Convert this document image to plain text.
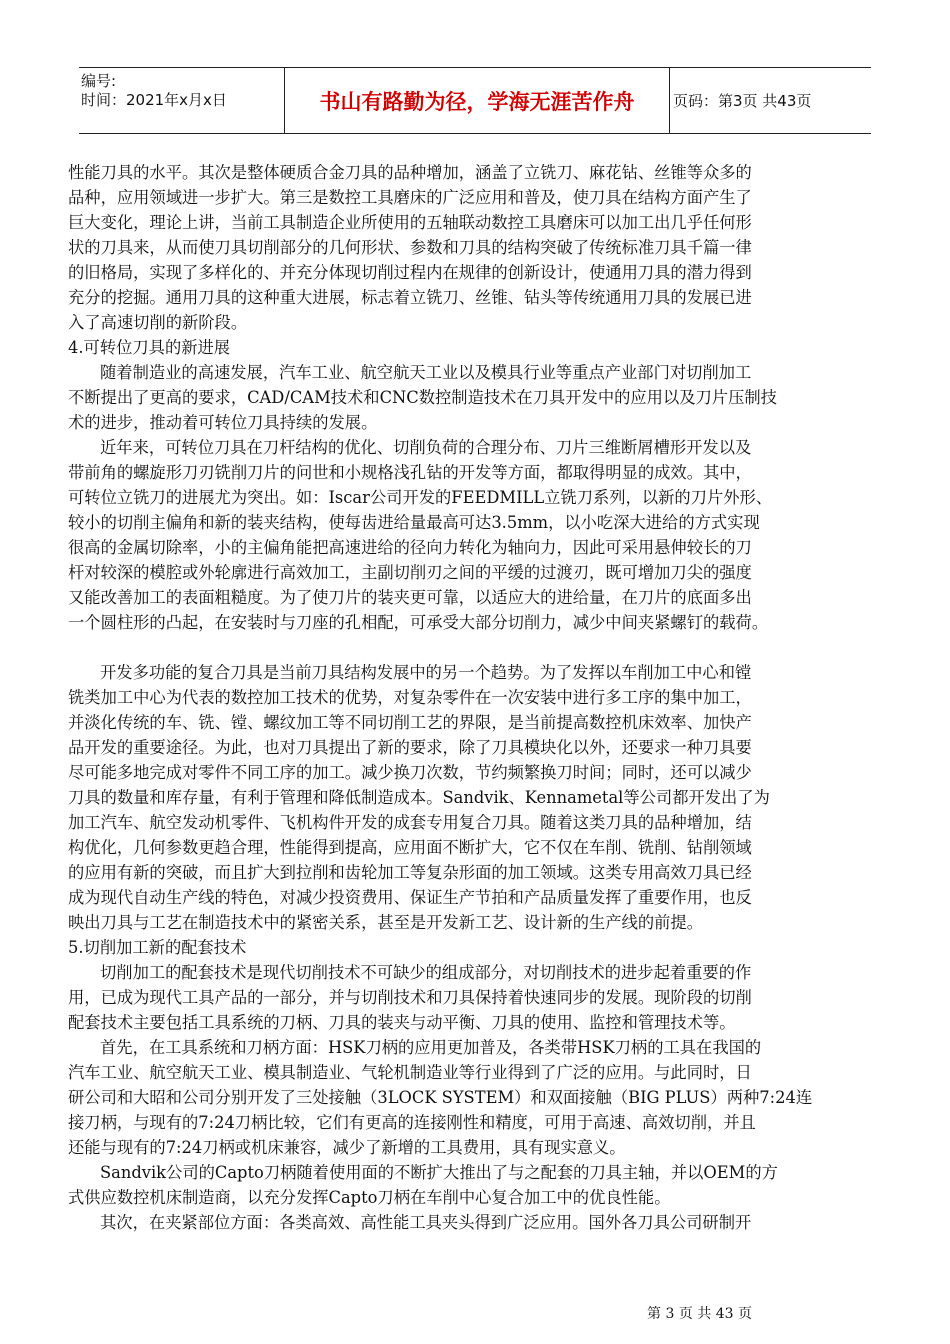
编号:
时间：2021年x月x日	书山有路勤为径，学海无涯苦作舟	页码：第3页 共43页
性能刀具的水平。其次是整体硬质合金刀具的品种增加，涵盖了立铣刀、麻花钻、丝锥等众多的
品种，应用领域进一步扩大。第三是数控工具磨床的广泛应用和普及，使刀具在结构方面产生了
巨大变化，理论上讲，当前工具制造企业所使用的五轴联动数控工具磨床可以加工出几乎任何形
状的刀具来，从而使刀具切削部分的几何形状、参数和刀具的结构突破了传统标准刀具千篇一律
的旧格局，实现了多样化的、并充分体现切削过程内在规律的创新设计，使通用刀具的潜力得到
充分的挖掘。通用刀具的这种重大进展，标志着立铣刀、丝锥、钻头等传统通用刀具的发展已进
入了高速切削的新阶段。
4.可转位刀具的新进展
随着制造业的高速发展，汽车工业、航空航天工业以及模具行业等重点产业部门对切削加工
不断提出了更高的要求，CAD/CAM技术和CNC数控制造技术在刀具开发中的应用以及刀片压制技
术的进步，推动着可转位刀具持续的发展。
近年来，可转位刀具在刀杆结构的优化、切削负荷的合理分布、刀片三维断屑槽形开发以及
带前角的螺旋形刀刃铣削刀片的问世和小规格浅孔钻的开发等方面，都取得明显的成效。其中，
可转位立铣刀的进展尤为突出。如：Iscar公司开发的FEEDMILL立铣刀系列，以新的刀片外形、
较小的切削主偏角和新的装夹结构，使每齿进给量最高可达3.5mm，以小吃深大进给的方式实现
很高的金属切除率，小的主偏角能把高速进给的径向力转化为轴向力，因此可采用悬伸较长的刀
杆对较深的模腔或外轮廓进行高效加工，主副切削刃之间的平缓的过渡刃，既可增加刀尖的强度
又能改善加工的表面粗糙度。为了使刀片的装夹更可靠，以适应大的进给量，在刀片的底面多出
一个圆柱形的凸起，在安装时与刀座的孔相配，可承受大部分切削力，减少中间夹紧螺钉的载荷。
开发多功能的复合刀具是当前刀具结构发展中的另一个趋势。为了发挥以车削加工中心和镗
铣类加工中心为代表的数控加工技术的优势，对复杂零件在一次安装中进行多工序的集中加工，
并淡化传统的车、铣、镗、螺纹加工等不同切削工艺的界限，是当前提高数控机床效率、加快产
品开发的重要途径。为此，也对刀具提出了新的要求，除了刀具模块化以外，还要求一种刀具要
尽可能多地完成对零件不同工序的加工。减少换刀次数，节约频繁换刀时间；同时，还可以减少
刀具的数量和库存量，有利于管理和降低制造成本。Sandvik、Kennametal等公司都开发出了为
加工汽车、航空发动机零件、飞机构件开发的成套专用复合刀具。随着这类刀具的品种增加，结
构优化，几何参数更趋合理，性能得到提高，应用面不断扩大，它不仅在车削、铣削、钻削领域
的应用有新的突破，而且扩大到拉削和齿轮加工等复杂形面的加工领域。这类专用高效刀具已经
成为现代自动生产线的特色，对减少投资费用、保证生产节拍和产品质量发挥了重要作用，也反
映出刀具与工艺在制造技术中的紧密关系，甚至是开发新工艺、设计新的生产线的前提。
5.切削加工新的配套技术
切削加工的配套技术是现代切削技术不可缺少的组成部分，对切削技术的进步起着重要的作
用，已成为现代工具产品的一部分，并与切削技术和刀具保持着快速同步的发展。现阶段的切削
配套技术主要包括工具系统的刀柄、刀具的装夹与动平衡、刀具的使用、监控和管理技术等。
首先，在工具系统和刀柄方面：HSK刀柄的应用更加普及，各类带HSK刀柄的工具在我国的
汽车工业、航空航天工业、模具制造业、气轮机制造业等行业得到了广泛的应用。与此同时，日
研公司和大昭和公司分别开发了三处接触（3LOCK SYSTEM）和双面接触（BIG PLUS）两种7:24连
接刀柄，与现有的7:24刀柄比较，它们有更高的连接刚性和精度，可用于高速、高效切削，并且
还能与现有的7:24刀柄或机床兼容，减少了新增的工具费用，具有现实意义。
Sandvik公司的Capto刀柄随着使用面的不断扩大推出了与之配套的刀具主轴，并以OEM的方
式供应数控机床制造商，以充分发挥Capto刀柄在车削中心复合加工中的优良性能。
其次，在夹紧部位方面：各类高效、高性能工具夹头得到广泛应用。国外各刀具公司研制开
第 3 页 共 43 页
